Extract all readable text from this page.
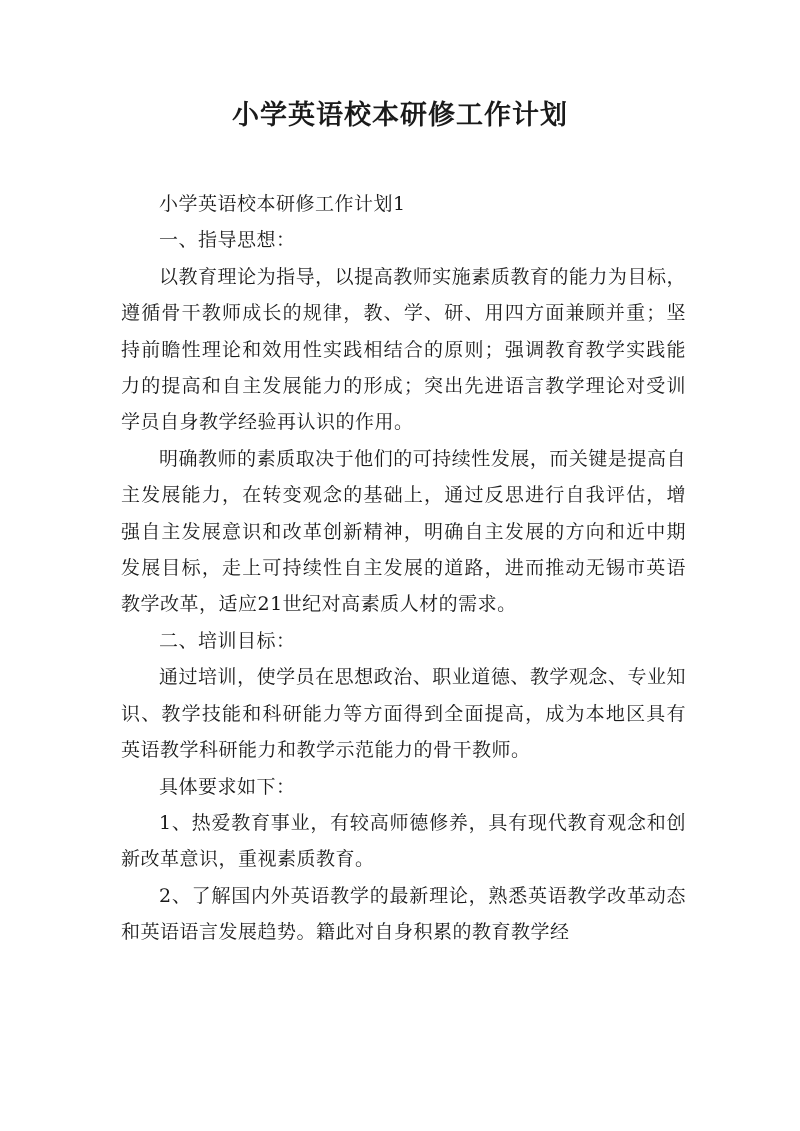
小学英语校本研修工作计划

小学英语校本研修工作计划1

一、指导思想：

以教育理论为指导，以提高教师实施素质教育的能力为目标，遵循骨干教师成长的规律，教、学、研、用四方面兼顾并重；坚持前瞻性理论和效用性实践相结合的原则；强调教育教学实践能力的提高和自主发展能力的形成；突出先进语言教学理论对受训学员自身教学经验再认识的作用。

明确教师的素质取决于他们的可持续性发展，而关键是提高自主发展能力，在转变观念的基础上，通过反思进行自我评估，增强自主发展意识和改革创新精神，明确自主发展的方向和近中期发展目标，走上可持续性自主发展的道路，进而推动无锡市英语教学改革，适应21世纪对高素质人材的需求。

二、培训目标：

通过培训，使学员在思想政治、职业道德、教学观念、专业知识、教学技能和科研能力等方面得到全面提高，成为本地区具有英语教学科研能力和教学示范能力的骨干教师。

具体要求如下：

1、热爱教育事业，有较高师德修养，具有现代教育观念和创新改革意识，重视素质教育。

2、了解国内外英语教学的最新理论，熟悉英语教学改革动态和英语语言发展趋势。籍此对自身积累的教育教学经
